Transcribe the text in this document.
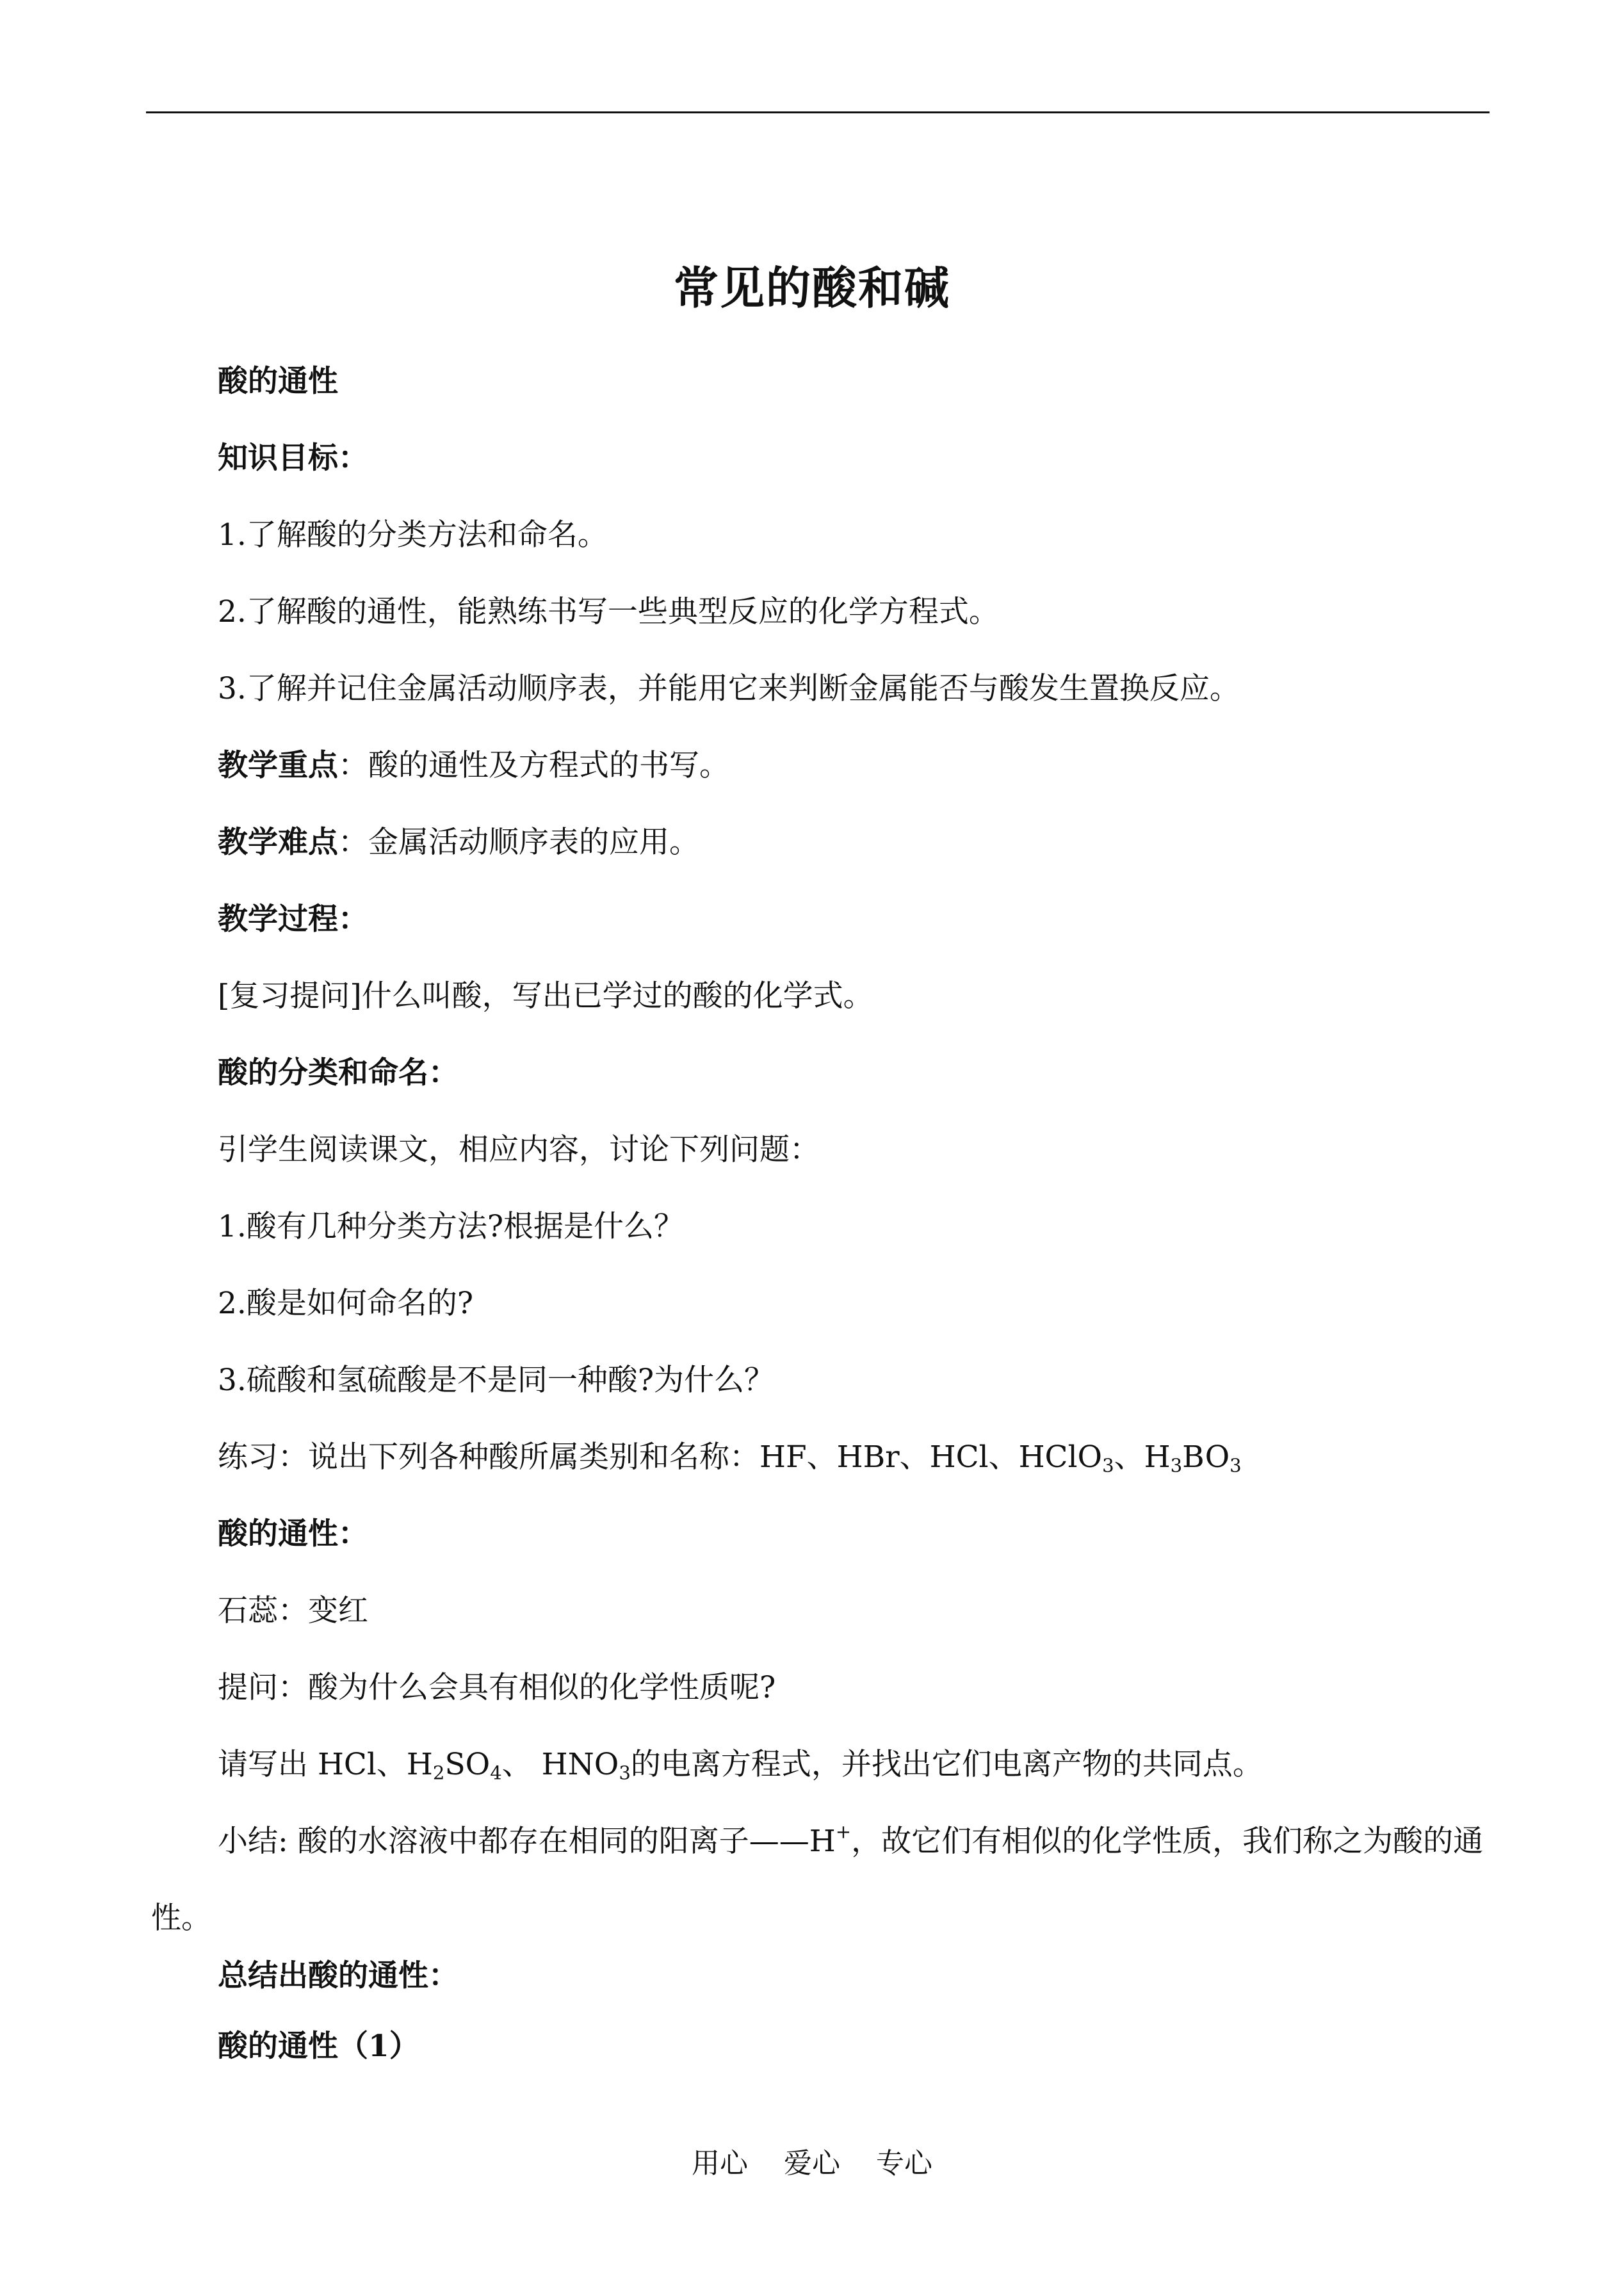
常见的酸和碱
酸的通性
知识目标：
1.了解酸的分类方法和命名。
2.了解酸的通性，能熟练书写一些典型反应的化学方程式。
3.了解并记住金属活动顺序表，并能用它来判断金属能否与酸发生置换反应。
教学重点：酸的通性及方程式的书写。
教学难点：金属活动顺序表的应用。
教学过程：
[复习提问]什么叫酸，写出已学过的酸的化学式。
酸的分类和命名：
引学生阅读课文，相应内容，讨论下列问题：
1.酸有几种分类方法?根据是什么？
2.酸是如何命名的?
3.硫酸和氢硫酸是不是同一种酸?为什么？
练习：说出下列各种酸所属类别和名称：HF、HBr、HCl、HClO$_3$、$H_3BO_3$
酸的通性：
石蕊：变红
提问：酸为什么会具有相似的化学性质呢?
请写出 HCl、$H_2SO_4$、 $HNO_3$的电离方程式，并找出它们电离产物的共同点。
小结: 酸的水溶液中都存在相同的阳离子——H+，故它们有相似的化学性质，我们称之为酸的通性。
总结出酸的通性：
酸的通性（1）
用心 爱心 专心
